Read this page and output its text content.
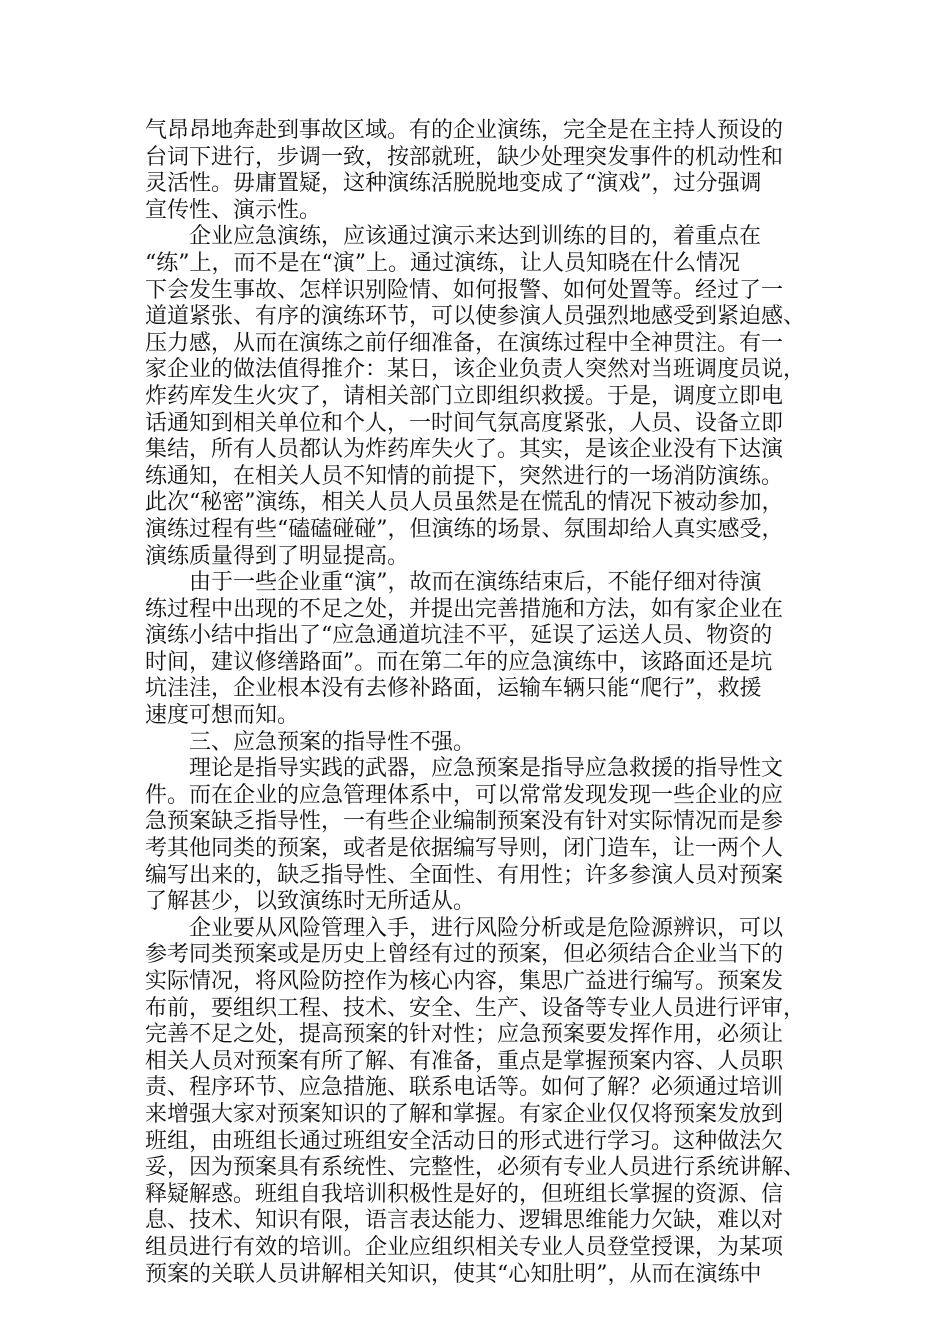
气昂昂地奔赴到事故区域。有的企业演练，完全是在主持人预设的
台词下进行，步调一致，按部就班，缺少处理突发事件的机动性和
灵活性。毋庸置疑，这种演练活脱脱地变成了“演戏”，过分强调
宣传性、演示性。
企业应急演练，应该通过演示来达到训练的目的，着重点在
“练”上，而不是在“演”上。通过演练，让人员知晓在什么情况
下会发生事故、怎样识别险情、如何报警、如何处置等。经过了一
道道紧张、有序的演练环节，可以使参演人员强烈地感受到紧迫感、
压力感，从而在演练之前仔细准备，在演练过程中全神贯注。有一
家企业的做法值得推介：某日，该企业负责人突然对当班调度员说，
炸药库发生火灾了，请相关部门立即组织救援。于是，调度立即电
话通知到相关单位和个人，一时间气氛高度紧张，人员、设备立即
集结，所有人员都认为炸药库失火了。其实，是该企业没有下达演
练通知，在相关人员不知情的前提下，突然进行的一场消防演练。
此次“秘密”演练，相关人员人员虽然是在慌乱的情况下被动参加，
演练过程有些“磕磕碰碰”，但演练的场景、氛围却给人真实感受，
演练质量得到了明显提高。
由于一些企业重“演”，故而在演练结束后，不能仔细对待演
练过程中出现的不足之处，并提出完善措施和方法，如有家企业在
演练小结中指出了“应急通道坑洼不平，延误了运送人员、物资的
时间，建议修缮路面”。而在第二年的应急演练中，该路面还是坑
坑洼洼，企业根本没有去修补路面，运输车辆只能“爬行”，救援
速度可想而知。
三、应急预案的指导性不强。
理论是指导实践的武器，应急预案是指导应急救援的指导性文
件。而在企业的应急管理体系中，可以常常发现发现一些企业的应
急预案缺乏指导性，一有些企业编制预案没有针对实际情况而是参
考其他同类的预案，或者是依据编写导则，闭门造车，让一两个人
编写出来的，缺乏指导性、全面性、有用性；许多参演人员对预案
了解甚少，以致演练时无所适从。
企业要从风险管理入手，进行风险分析或是危险源辨识，可以
参考同类预案或是历史上曾经有过的预案，但必须结合企业当下的
实际情况，将风险防控作为核心内容，集思广益进行编写。预案发
布前，要组织工程、技术、安全、生产、设备等专业人员进行评审，
完善不足之处，提高预案的针对性；应急预案要发挥作用，必须让
相关人员对预案有所了解、有准备，重点是掌握预案内容、人员职
责、程序环节、应急措施、联系电话等。如何了解？必须通过培训
来增强大家对预案知识的了解和掌握。有家企业仅仅将预案发放到
班组，由班组长通过班组安全活动日的形式进行学习。这种做法欠
妥，因为预案具有系统性、完整性，必须有专业人员进行系统讲解、
释疑解惑。班组自我培训积极性是好的，但班组长掌握的资源、信
息、技术、知识有限，语言表达能力、逻辑思维能力欠缺，难以对
组员进行有效的培训。企业应组织相关专业人员登堂授课，为某项
预案的关联人员讲解相关知识，使其“心知肚明”，从而在演练中
